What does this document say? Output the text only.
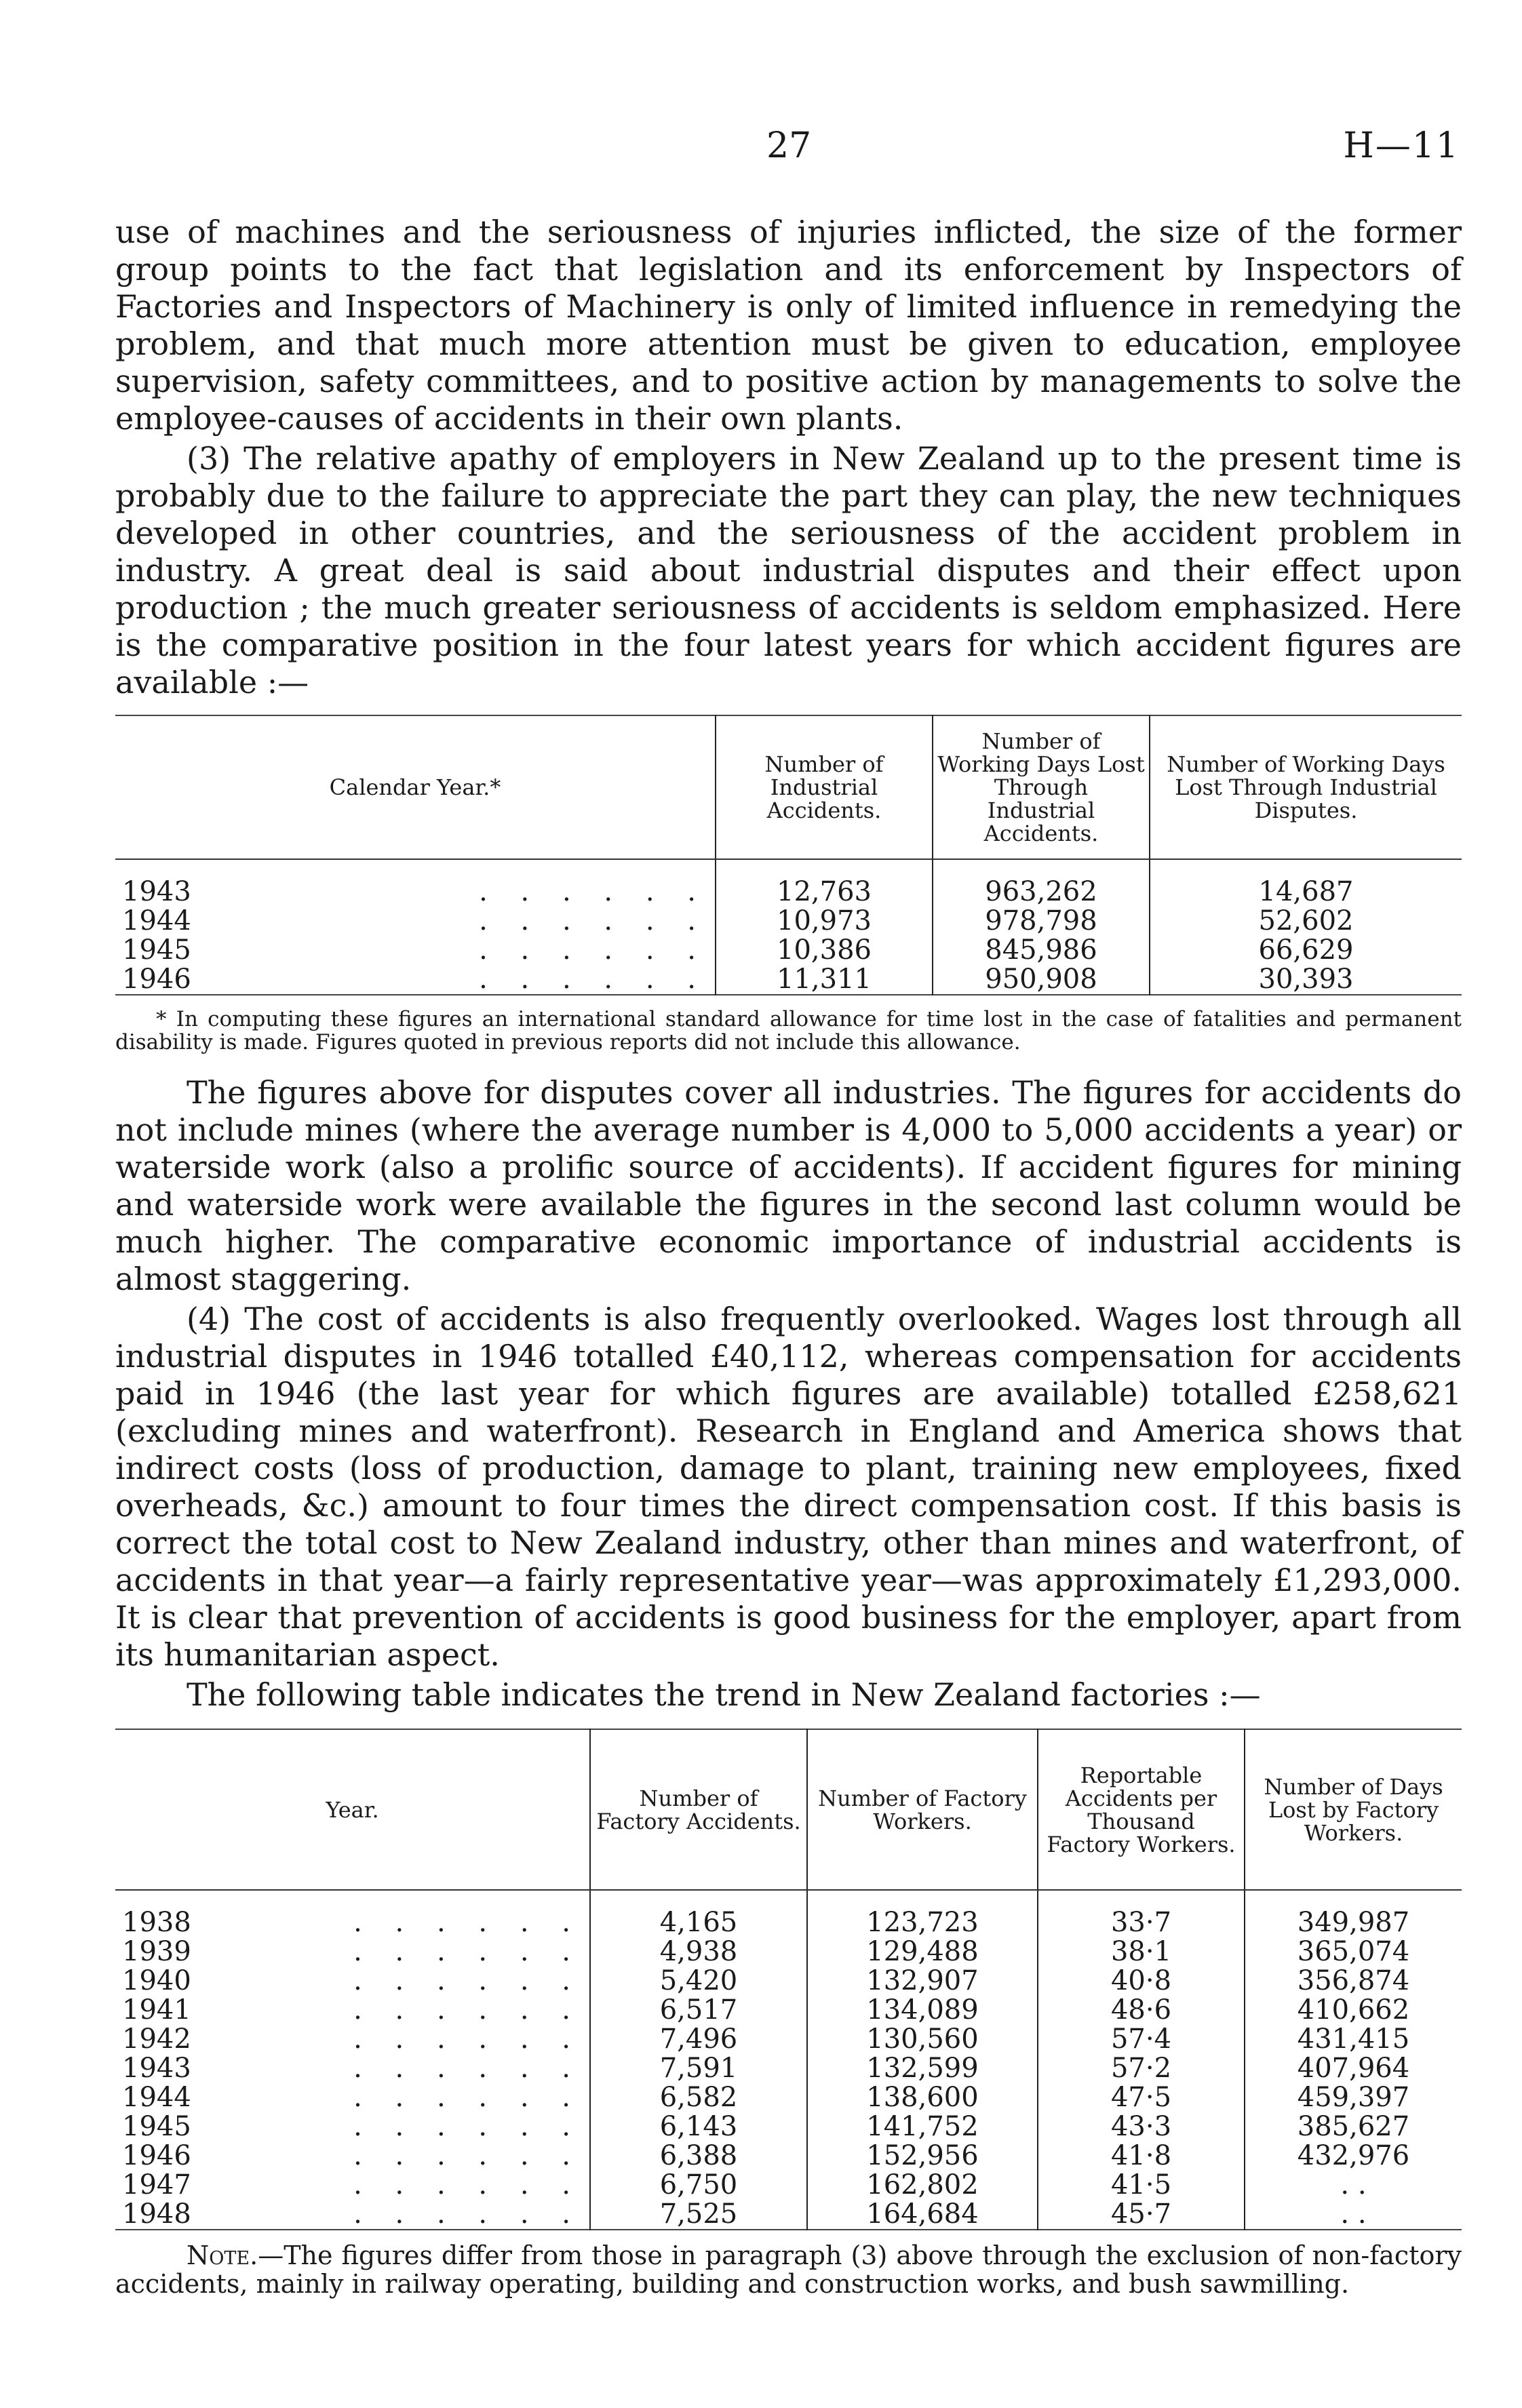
27	H—11

use of machines and the seriousness of injuries inflicted, the size of the former group points to the fact that legislation and its enforcement by Inspectors of Factories and Inspectors of Machinery is only of limited influence in remedying the problem, and that much more attention must be given to education, employee supervision, safety committees, and to positive action by managements to solve the employee-causes of accidents in their own plants.

(3) The relative apathy of employers in New Zealand up to the present time is probably due to the failure to appreciate the part they can play, the new techniques developed in other countries, and the seriousness of the accident problem in industry. A great deal is said about industrial disputes and their effect upon production ; the much greater seriousness of accidents is seldom emphasized. Here is the comparative position in the four latest years for which accident figures are available :—

Calendar Year.*	Number of Industrial Accidents.	Number of Working Days Lost Through Industrial Accidents.	Number of Working Days Lost Through Industrial Disputes.
1943 . . . . . .	12,763	963,262	14,687
1944 . . . . . .	10,973	978,798	52,602
1945 . . . . . .	10,386	845,986	66,629
1946 . . . . . .	11,311	950,908	30,393

* In computing these figures an international standard allowance for time lost in the case of fatalities and permanent disability is made. Figures quoted in previous reports did not include this allowance.

The figures above for disputes cover all industries. The figures for accidents do not include mines (where the average number is 4,000 to 5,000 accidents a year) or waterside work (also a prolific source of accidents). If accident figures for mining and waterside work were available the figures in the second last column would be much higher. The comparative economic importance of industrial accidents is almost staggering.

(4) The cost of accidents is also frequently overlooked. Wages lost through all industrial disputes in 1946 totalled £40,112, whereas compensation for accidents paid in 1946 (the last year for which figures are available) totalled £258,621 (excluding mines and waterfront). Research in England and America shows that indirect costs (loss of production, damage to plant, training new employees, fixed overheads, &c.) amount to four times the direct compensation cost. If this basis is correct the total cost to New Zealand industry, other than mines and waterfront, of accidents in that year—a fairly representative year—was approximately £1,293,000. It is clear that prevention of accidents is good business for the employer, apart from its humanitarian aspect.

The following table indicates the trend in New Zealand factories :—

Year.	Number of Factory Accidents.	Number of Factory Workers.	Reportable Accidents per Thousand Factory Workers.	Number of Days Lost by Factory Workers.
1938 . . . . . .	4,165	123,723	33·7	349,987
1939 . . . . . .	4,938	129,488	38·1	365,074
1940 . . . . . .	5,420	132,907	40·8	356,874
1941 . . . . . .	6,517	134,089	48·6	410,662
1942 . . . . . .	7,496	130,560	57·4	431,415
1943 . . . . . .	7,591	132,599	57·2	407,964
1944 . . . . . .	6,582	138,600	47·5	459,397
1945 . . . . . .	6,143	141,752	43·3	385,627
1946 . . . . . .	6,388	152,956	41·8	432,976
1947 . . . . . .	6,750	162,802	41·5	. .
1948 . . . . . .	7,525	164,684	45·7	. .

Note.—The figures differ from those in paragraph (3) above through the exclusion of non-factory accidents, mainly in railway operating, building and construction works, and bush sawmilling.
